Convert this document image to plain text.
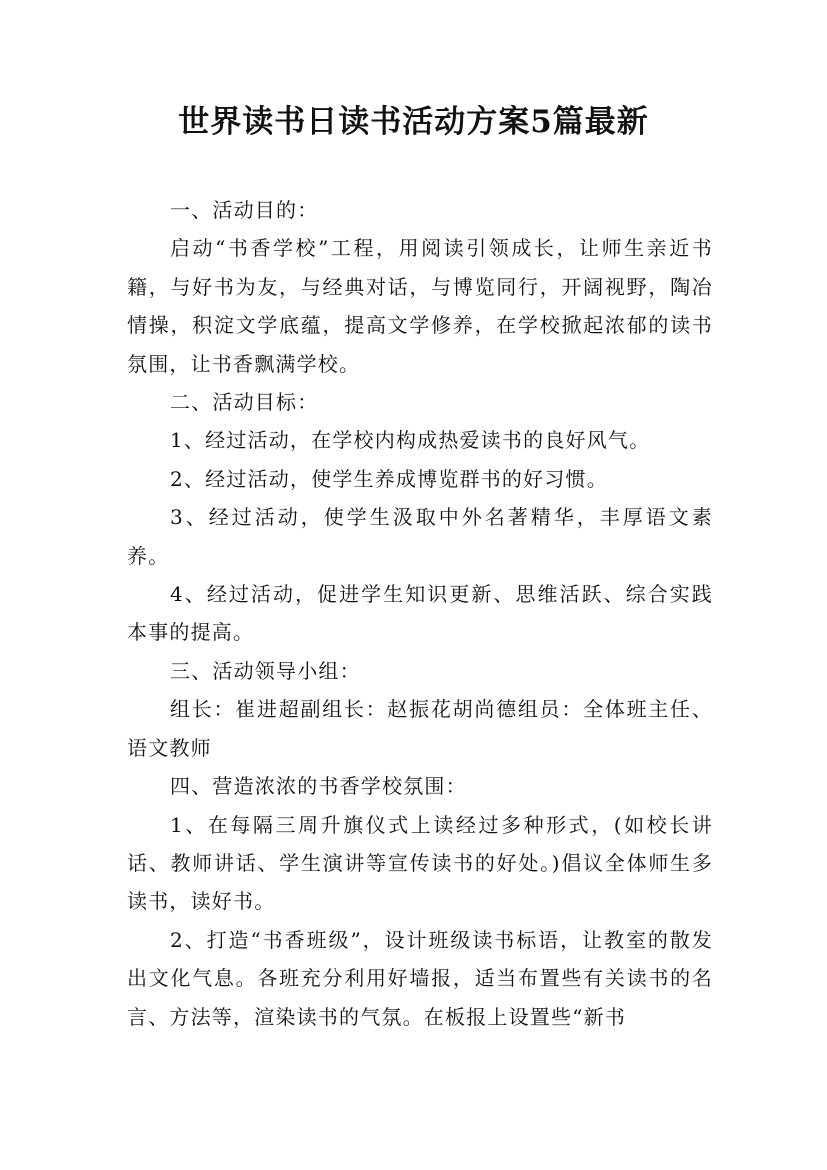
世界读书日读书活动方案5篇最新

一、活动目的：

启动“书香学校”工程，用阅读引领成长，让师生亲近书籍，与好书为友，与经典对话，与博览同行，开阔视野，陶冶情操，积淀文学底蕴，提高文学修养，在学校掀起浓郁的读书氛围，让书香飘满学校。

二、活动目标：

1、经过活动，在学校内构成热爱读书的良好风气。

2、经过活动，使学生养成博览群书的好习惯。

3、经过活动，使学生汲取中外名著精华，丰厚语文素养。

4、经过活动，促进学生知识更新、思维活跃、综合实践本事的提高。

三、活动领导小组：

组长：崔进超副组长：赵振花胡尚德组员：全体班主任、语文教师

四、营造浓浓的书香学校氛围：

1、在每隔三周升旗仪式上读经过多种形式，(如校长讲话、教师讲话、学生演讲等宣传读书的好处。)倡议全体师生多读书，读好书。

2、打造“书香班级”，设计班级读书标语，让教室的散发出文化气息。各班充分利用好墙报，适当布置些有关读书的名言、方法等，渲染读书的气氛。在板报上设置些“新书
